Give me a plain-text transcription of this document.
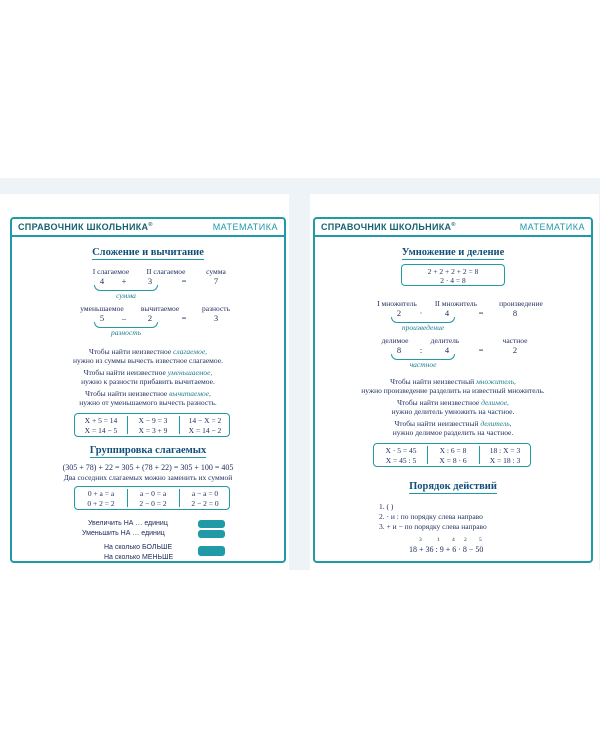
СПРАВОЧНИК ШКОЛЬНИКА®	МАТЕМАТИКА
Сложение и вычитание
I слагаемое	II слагаемое	сумма
4	+	3	=	7
сумма
уменьшаемое	вычитаемое	разность
5	–	2	=	3
разность
Чтобы найти неизвестное слагаемое,
нужно из суммы вычесть известное слагаемое.
Чтобы найти неизвестное уменьшаемое,
нужно к разности прибавить вычитаемое.
Чтобы найти неизвестное вычитаемое,
нужно от уменьшаемого вычесть разность.
X + 5 = 14	X − 9 = 3	14 − X = 2
X = 14 − 5	X = 3 + 9	X = 14 − 2
Группировка слагаемых
(305 + 78) + 22 = 305 + (78 + 22) = 305 + 100 = 405
Два соседних слагаемых можно заменить их суммой
0 + a = a	a − 0 = a	a − a = 0
0 + 2 = 2	2 − 0 = 2	2 − 2 = 0
Увеличить НА … единиц
Уменьшить НА … единиц
На сколько БОЛЬШЕ
На сколько МЕНЬШЕ
СПРАВОЧНИК ШКОЛЬНИКА®	МАТЕМАТИКА
Умножение и деление
2 + 2 + 2 + 2 = 8
2 · 4 = 8
I множитель	II множитель	произведение
2	·	4	=	8
произведение
делимое	делитель	частное
8	:	4	=	2
частное
Чтобы найти неизвестный множитель,
нужно произведение разделить на известный множитель.
Чтобы найти неизвестное делимое,
нужно делитель умножить на частное.
Чтобы найти неизвестный делитель,
нужно делимое разделить на частное.
X · 5 = 45	X : 6 = 8	18 : X = 3
X = 45 : 5	X = 8 · 6	X = 18 : 3
Порядок действий
1. ( )
2. · и : по порядку слева направо
3. + и − по порядку слева направо
3	1 4 2 5
18 + 36 : 9 + 6 · 8 − 50
